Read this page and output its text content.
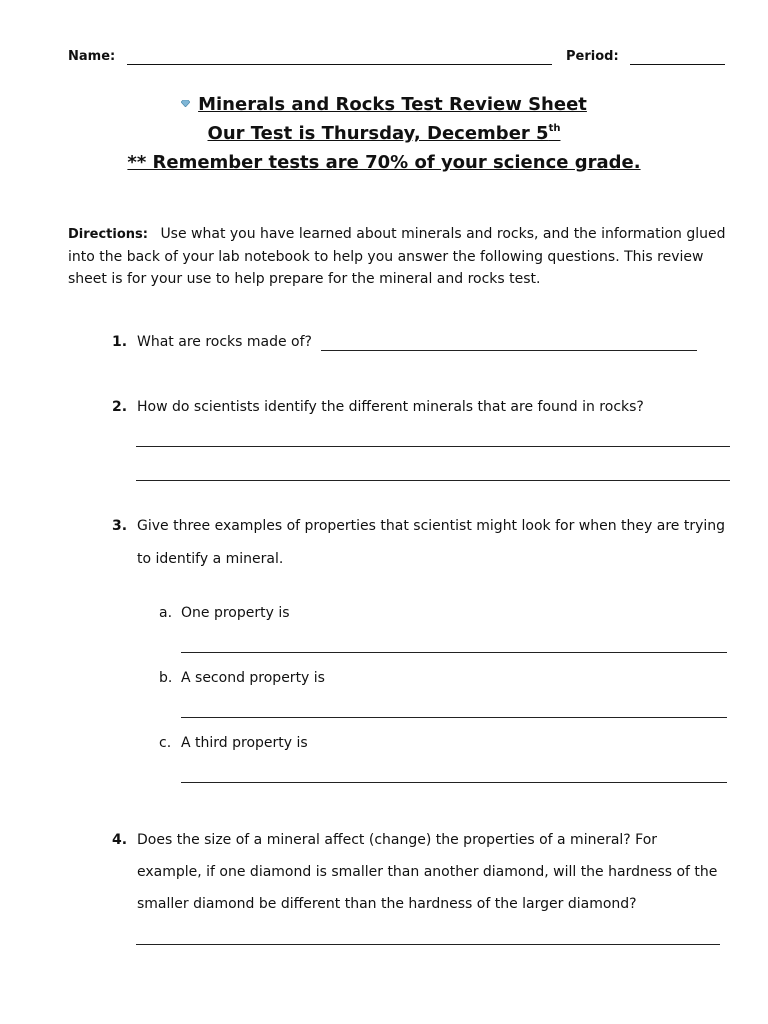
Name:	Period:
Minerals and Rocks Test Review Sheet
Our Test is Thursday, December 5th
** Remember tests are 70% of your science grade.
Directions: Use what you have learned about minerals and rocks, and the information glued into the back of your lab notebook to help you answer the following questions. This review sheet is for your use to help prepare for the mineral and rocks test.
1. What are rocks made of?
2. How do scientists identify the different minerals that are found in rocks?
3. Give three examples of properties that scientist might look for when they are trying
to identify a mineral.
a. One property is
b. A second property is
c. A third property is
4. Does the size of a mineral affect (change) the properties of a mineral? For
example, if one diamond is smaller than another diamond, will the hardness of the
smaller diamond be different than the hardness of the larger diamond?
